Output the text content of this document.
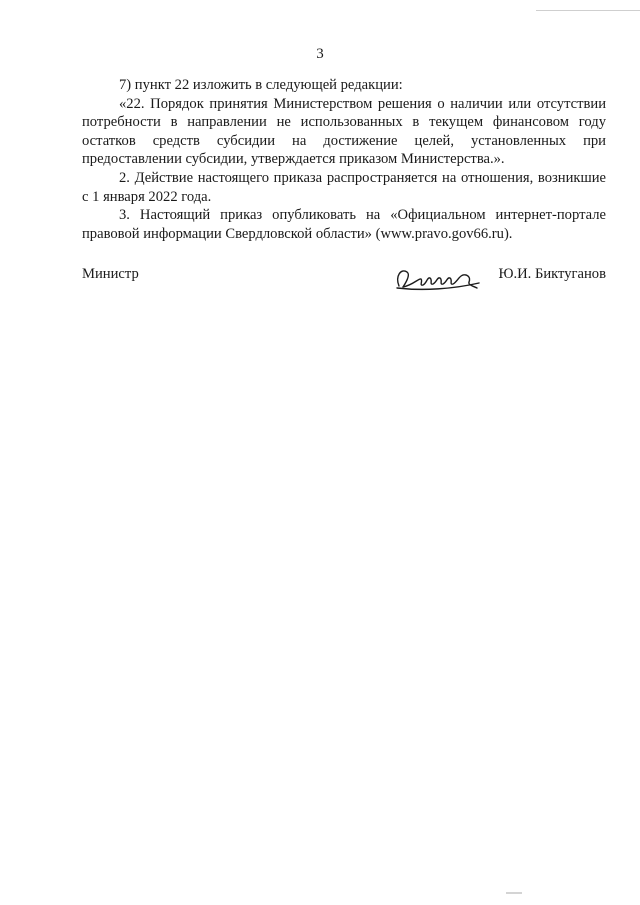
3

7) пункт 22 изложить в следующей редакции:

«22. Порядок принятия Министерством решения о наличии или отсутствии потребности в направлении не использованных в текущем финансовом году остатков средств субсидии на достижение целей, установленных при предоставлении субсидии, утверждается приказом Министерства.».

2. Действие настоящего приказа распространяется на отношения, возникшие с 1 января 2022 года.

3. Настоящий приказ опубликовать на «Официальном интернет-портале правовой информации Свердловской области» (www.pravo.gov66.ru).

Министр	Ю.И. Биктуганов
